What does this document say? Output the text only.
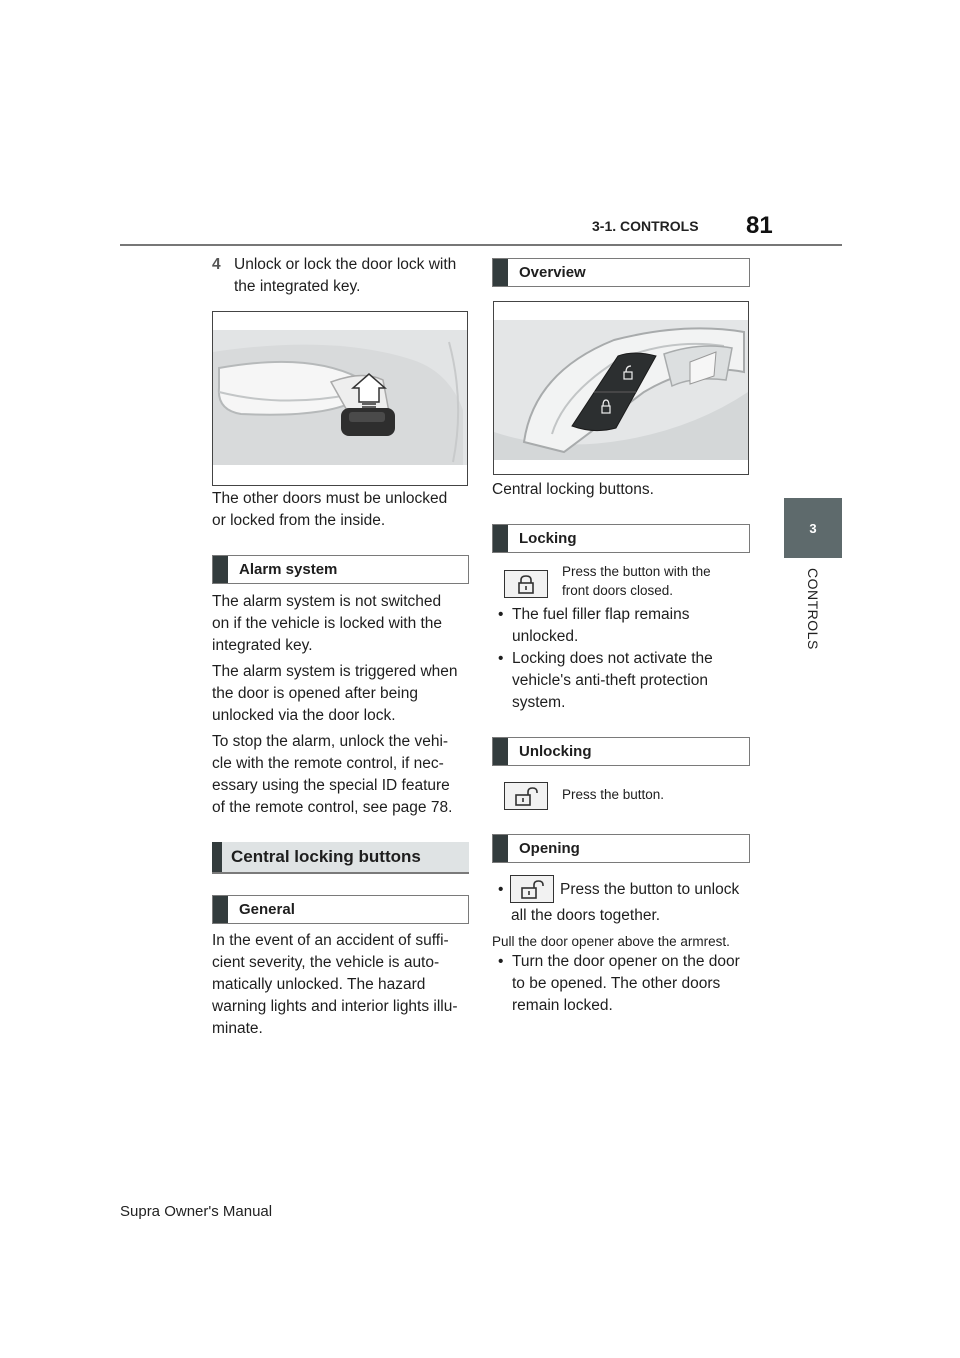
3-1. CONTROLS 81
3
CONTROLS
4 Unlock or lock the door lock with
the integrated key.
The other doors must be unlocked
or locked from the inside.
Alarm system
The alarm system is not switched
on if the vehicle is locked with the
integrated key.
The alarm system is triggered when
the door is opened after being
unlocked via the door lock.
To stop the alarm, unlock the vehi-
cle with the remote control, if nec-
essary using the special ID feature
of the remote control, see page 78.
Central locking buttons
General
In the event of an accident of suffi-
cient severity, the vehicle is auto-
matically unlocked. The hazard
warning lights and interior lights illu-
minate.
Overview
Central locking buttons.
Locking
Press the button with the
front doors closed.
• The fuel filler flap remains
unlocked.
• Locking does not activate the
vehicle's anti-theft protection
system.
Unlocking
Press the button.
Opening
•	Press the button to unlock
all the doors together.
Pull the door opener above the armrest.
• Turn the door opener on the door
to be opened. The other doors
remain locked.
Supra Owner's Manual
